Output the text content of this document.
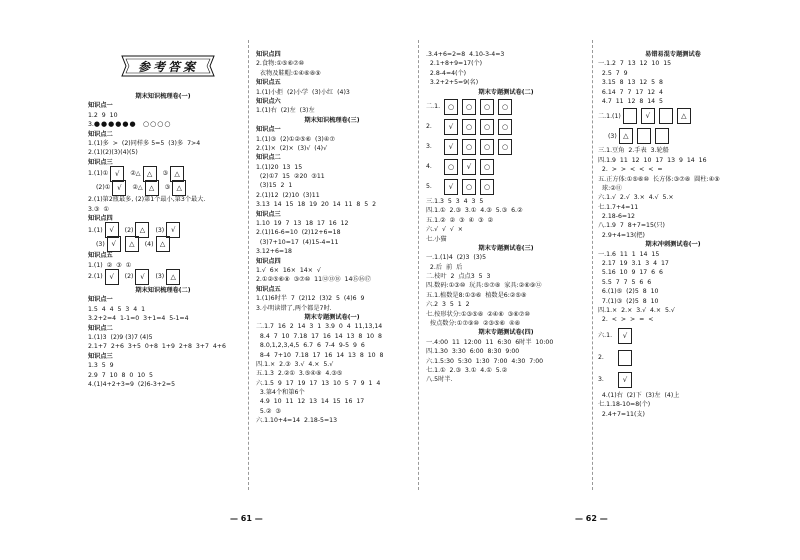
参考答案
期末知识梳理卷(一)
知识点一
1.2  9  10
3.●●●●●●  ○○○○
知识点二
1.(1)多  >  (2)同样多 5=5  (3)多  7>4
2.(1)(2)(3)(4)(5)
知识点三
1.(1)① √	②△ △	③ △
(2)① √	②△ △	③ △
2.(1)第2瓶最多, (2)第1个最小,第3个最大.
3.③  ①
知识点四
1.(1) √	(2) △	(3) √
(3) √	△	(4) △
知识点五
1.(1)  ②  ③  ①
2.(1) √	(2) √	(3) △
期末知识梳理卷(二)
知识点一
1.5  4  4  5  3  4  1
3.2+2=4  1-1=0  3+1=4  5-1=4
知识点二
1.(1)3  (2)9 (3)7 (4)5
2.1+7  2+6  3+5  0+8  1+9  2+8  3+7  4+6
知识点三
1.3  5  9
2.9  7  10  8  0  10  5
4.(1)4+2+3=9  (2)6-3+2=5
知识点四
2.食物:①⑤⑥⑦⑩
衣物及鞋帽:①④⑥⑧⑨
知识点五
1.(1)小拒  (2)小学  (3)小红  (4)3
知识点六
1.(1)右  (2)左  (3)左
期末知识梳理卷(三)
知识点一
1.(1)③  (2)①②⑤⑥  (3)④⑦
2.(1)×  (2)×  (3)√  (4)√
知识点二
1.(1)20  13  15
(2)①7  15  ②20  ③11
(3)15  2  1
2.(1)12  (2)10  (3)11
3.13  14  15  18  19  20  14  11  8  5  2
知识点三
1.10  19  7  13  18  17  16  12
2.(1)16-6=10  (2)12+6=18
(3)7+10=17  (4)15-4=11
3.12+6=18
知识点四
1.√  6×  16×  14×  √
2.①②⑤⑥⑧  ③⑦⑩  11⑫⑬⑱  14⑮⑯⑰
知识点五
1.(1)6时半  7  (2)12  (3)2  5  (4)6  9
3.小明读错了,两个都是7时.
期末专题测试卷(一)
二.1.7  16  2  14  3  1  3.9  0  4  11,13,14
8.4  7  10  7.18  17  16  14  13  8  10  8
8.0,1,2,3,4,5  6.7  6  7-4  9-5  9  6
8-4  7+10  7.18  17  16  14  13  8  10  8
四.1.×  2.③  3.√  4.×  5.√
五.1.3  2.②①  3.⑤④⑧  4.③⑤
六.1.5  9  17  19  17  13  10  5  7  9  1  4
3.第4个和第6个
4.9  10  11  12  13  14  15  16  17
5.②  ③
六.1.10+4=14  2.18-5=13
— 61 —
.3.4+6=2=8  4.10-3-4=3
2.1+8+9=17(个)
2.8-4=4(个)
3.2+2+5=9(名)
期末专题测试卷(二)
二.1.	○	○	○	○
2.	√	○	○	○
3.	√	○	○	○
4.	○	√	○
5.	√	○	○
三.1.3  5  3  4  3  5
四.1.①  2.③  3.①  4.③  5.③  6.②
五.1.②  ②  ③  ④  ③  ②
六.√  √  √  ×
七.小猫
期末专题测试卷(三)
一.1.(1)4  (2)3  (3)5
2.后  前  后
二.枝叶  2  点点3  5  3
四.数码:①③⑩  玩具:⑤⑦⑧  家具:②⑥⑨⑫
五.1.植数是8:①③⑥  植数是6:②⑤⑧
六.2  3  5  1  2
七.按形状分:①③⑤⑧  ②④⑥  ③⑥⑦⑩
按点数分:①⑦⑨⑩  ②③⑤⑥  ④⑧
期末专题测试卷(四)
一.4:00  11  12:00  11  6:30  6时半  10:00
四.1.30  3:30  6:00  8:30  9:00
六.1.5:30  5:30  1:30  7:00  4:30  7:00
七.1.①  2.③  3.①  4.①  5.②
八.5时半.
— 62 —
易错易混专题测试卷
一.1.2  7  13  12  10  15
2.5  7  9
3.15  8  13  12  5  8
6.14  7  7  17  12  4
4.7  11  12  8  14  5
二.1.(1)	√	△
(3) △
三.1.豆角  2.手表  3.轮船
四.1.9  11  12  10  17  13  9  14  16
2.  >  >  <  <  <  =
五.正方体:①⑤⑥⑩  长方体:③⑦⑧  圆柱:④⑨
球:②⑪
六.1.√  2.√  3.×  4.√  5.×
七.1.7+4=11
2.18-6=12
八.1.9  7  8+7=15(只)
2.9+4=13(把)
期末冲刺测试卷(一)
一.1.6  11  1  14  15
2.17  19  3.1  3  4  17
5.16  10  9  17  6  6
5.5  7  7  5  6  6
6.(1)⑤  (2)5  8  10
7.(1)③  (2)5  8  10
四.1.×  2.×  3.√  4.×  5.√
2.  <  >  >  =  <
六.1.	√
2.
3.	√
4.(1)右  (2)下  (3)左  (4)上
七.1.18-10=8(个)
2.4+7=11(支)
